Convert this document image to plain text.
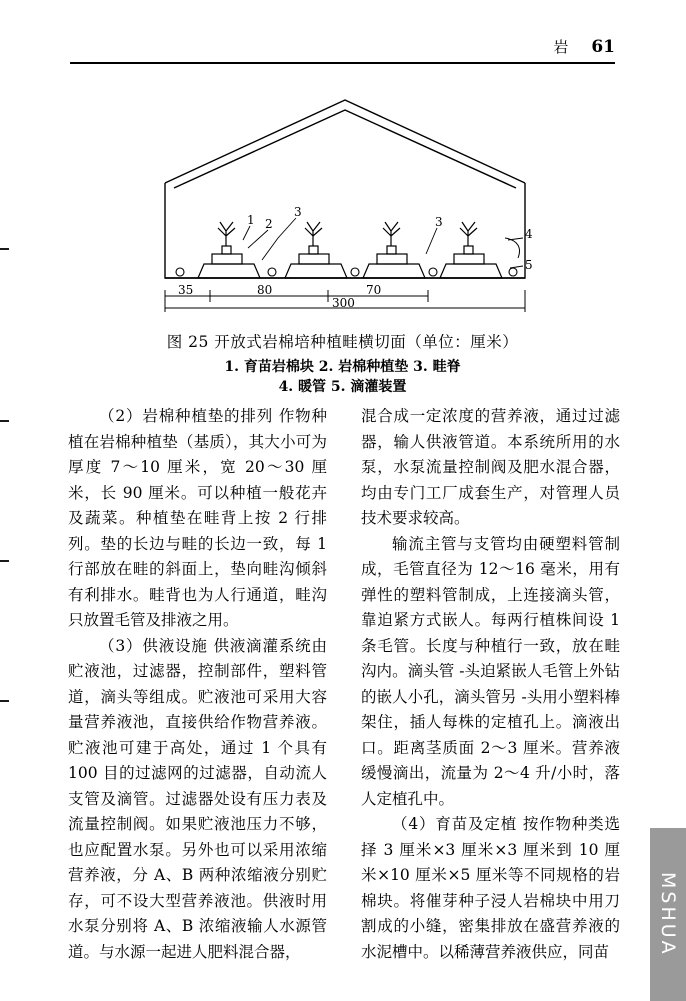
岩 61
1 2
3
3
4
5
35	80	70
300
图 25 开放式岩棉培种植畦横切面（单位：厘米）
1. 育苗岩棉块 2. 岩棉种植垫 3. 畦脊
4. 暖管 5. 滴灌装置

（2）岩棉种植垫的排列 作物种植在岩棉种植垫（基质），其大小可为厚度 7～10 厘米，宽 20～30 厘米，长 90 厘米。可以种植一般花卉及蔬菜。种植垫在畦背上按 2 行排列。垫的长边与畦的长边一致，每 1 行部放在畦的斜面上，垫向畦沟倾斜有利排水。畦背也为人行通道，畦沟只放置毛管及排液之用。

（3）供液设施 供液滴灌系统由贮液池，过滤器，控制部件，塑料管道，滴头等组成。贮液池可采用大容量营养液池，直接供给作物营养液。贮液池可建于高处，通过 1 个具有 100 目的过滤网的过滤器，自动流人支管及滴管。过滤器处设有压力表及流量控制阀。如果贮液池压力不够，也应配置水泵。另外也可以采用浓缩营养液，分 A、B 两种浓缩液分别贮存，可不设大型营养液池。供液时用水泵分别将 A、B 浓缩液输人水源管道。与水源一起进人肥料混合器，

混合成一定浓度的营养液，通过过滤器，输人供液管道。本系统所用的水泵，水泵流量控制阀及肥水混合器，均由专门工厂成套生产，对管理人员技术要求较高。

输流主管与支管均由硬塑料管制成，毛管直径为 12～16 毫米，用有弹性的塑料管制成，上连接滴头管，靠迫紧方式嵌人。每两行植株间设 1 条毛管。长度与种植行一致，放在畦沟内。滴头管 -头迫紧嵌人毛管上外钻的嵌人小孔，滴头管另 -头用小塑料棒架住，插人每株的定植孔上。滴液出口。距离茎质面 2～3 厘米。营养液缓慢滴出，流量为 2～4 升/小时，落人定植孔中。

（4）育苗及定植 按作物种类选择 3 厘米×3 厘米×3 厘米到 10 厘米×10 厘米×5 厘米等不同规格的岩棉块。将催芽种子浸人岩棉块中用刀割成的小缝，密集排放在盛营养液的水泥槽中。以稀薄营养液供应，同苗	MSHUA
